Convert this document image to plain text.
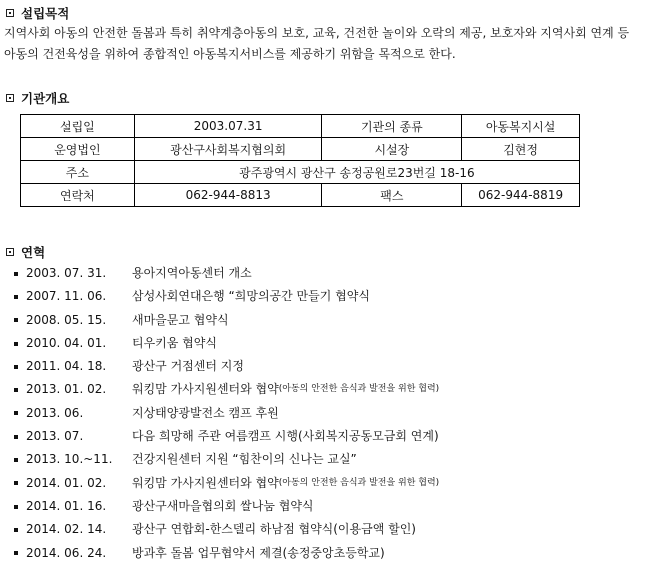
설립목적
지역사회 아동의 안전한 돌봄과 특히 취약계층아동의 보호, 교육, 건전한 놀이와 오락의 제공, 보호자와 지역사회 연계 등 아동의 건전육성을 위하여 종합적인 아동복지서비스를 제공하기 위함을 목적으로 한다.
기관개요
설립일	2003.07.31	기관의 종류	아동복지시설
운영법인	광산구사회복지협의회	시설장	김현정
주소	광주광역시 광산구 송정공원로23번길 18-16		
연락처	062-944-8813	팩스	062-944-8819
연혁
2003. 07. 31.	용아지역아동센터 개소
2007. 11. 06.	삼성사회연대은행 “희망의공간 만들기 협약식
2008. 05. 15.	새마을문고 협약식
2010. 04. 01.	티우키움 협약식
2011. 04. 18.	광산구 거점센터 지정
2013. 01. 02.	워킹맘 가사지원센터와 협약 (아동의 안전한 음식과 발전을 위한 협력)
2013. 06.	지상태양광발전소 캠프 후원
2013. 07.	다음 희망해 주관 여름캠프 시행(사회복지공동모금회 연계)
2013. 10.~11.	건강지원센터 지원 “힘찬이의 신나는 교실”
2014. 01. 02.	워킹맘 가사지원센터와 협약 (아동의 안전한 음식과 발전을 위한 협력)
2014. 01. 16.	광산구새마을협의회 쌀나눔 협약식
2014. 02. 14.	광산구 연합회-한스델리 하남점 협약식(이용금액 할인)
2014. 06. 24.	방과후 돌봄 업무협약서 제결(송정중앙초등학교)
